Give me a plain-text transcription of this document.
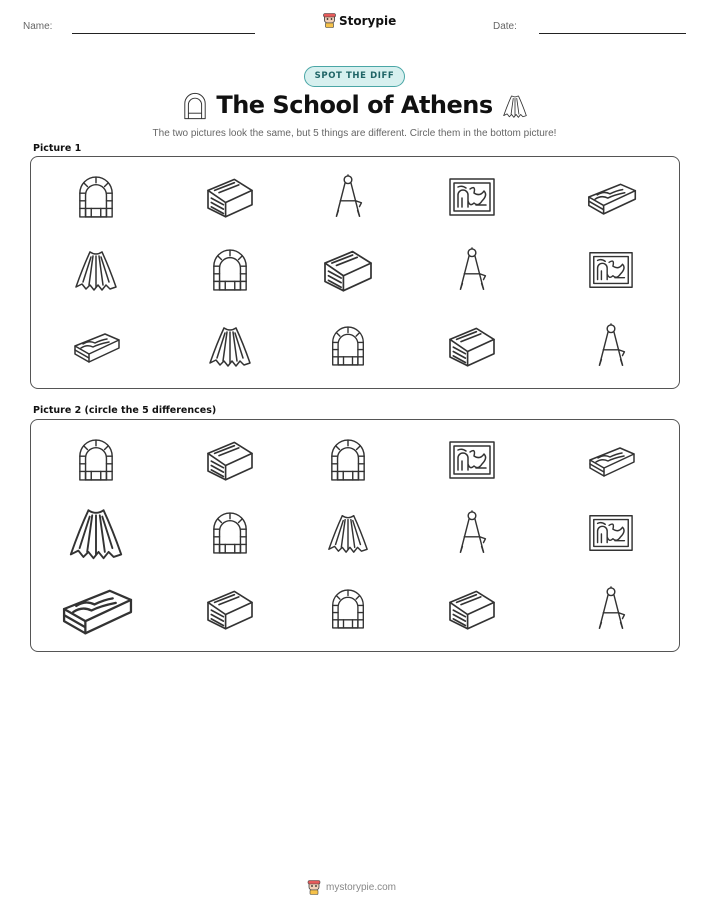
Name:	Storypie	Date:
SPOT THE DIFF
The School of Athens
The two pictures look the same, but 5 things are different. Circle them in the bottom picture!
Picture 1
Picture 2 (circle the 5 differences)
mystorypie.com
